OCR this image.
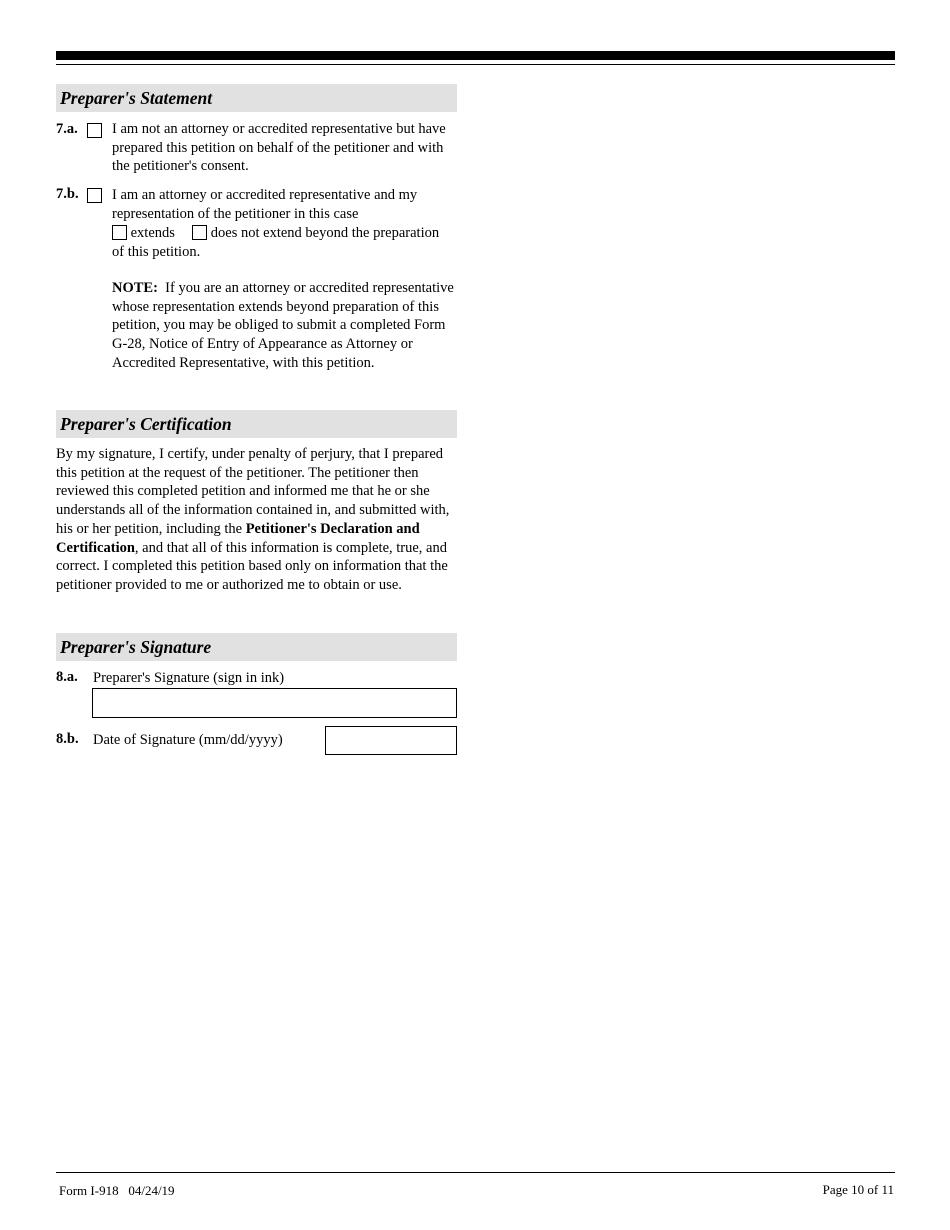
Preparer's Statement
7.a. I am not an attorney or accredited representative but have prepared this petition on behalf of the petitioner and with the petitioner's consent.
7.b. I am an attorney or accredited representative and my
representation of the petitioner in this case
extends does not extend beyond the preparation
of this petition.
NOTE: If you are an attorney or accredited representative whose representation extends beyond preparation of this petition, you may be obliged to submit a completed Form G-28, Notice of Entry of Appearance as Attorney or Accredited Representative, with this petition.
Preparer's Certification
By my signature, I certify, under penalty of perjury, that I prepared this petition at the request of the petitioner. The petitioner then reviewed this completed petition and informed me that he or she understands all of the information contained in, and submitted with, his or her petition, including the Petitioner's Declaration and Certification, and that all of this information is complete, true, and correct. I completed this petition based only on information that the petitioner provided to me or authorized me to obtain or use.
Preparer's Signature
8.a. Preparer's Signature (sign in ink)
8.b. Date of Signature (mm/dd/yyyy)
Form I-918   04/24/19	Page 10 of 11
